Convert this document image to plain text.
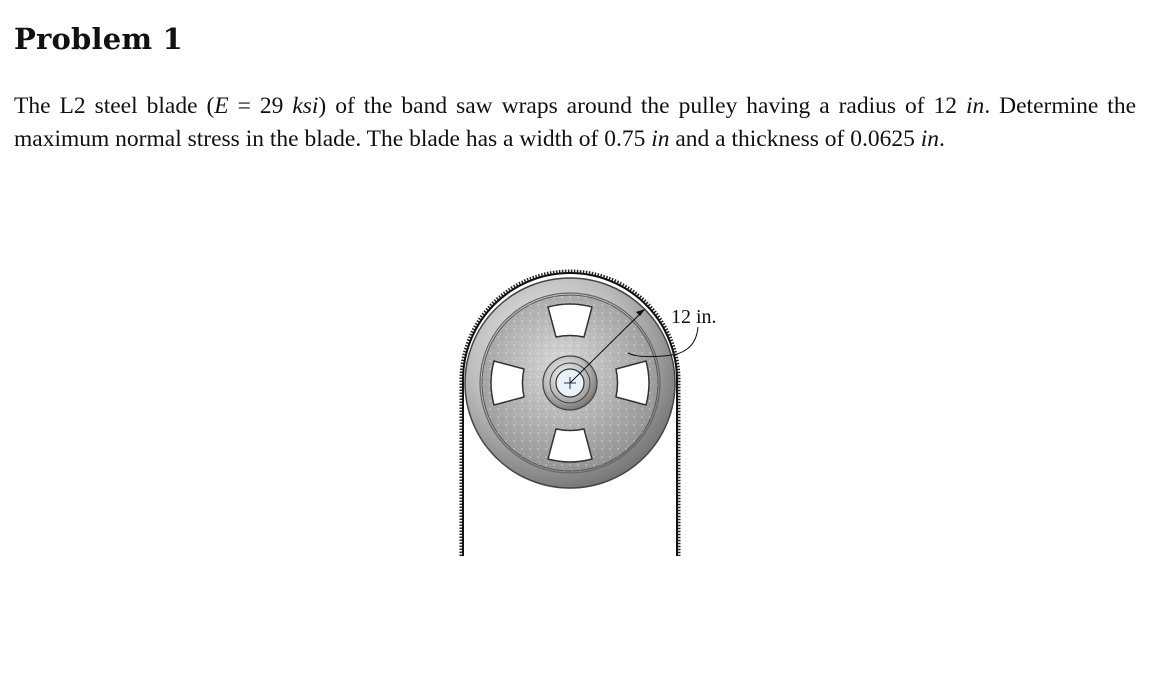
Problem 1

The L2 steel blade (E = 29 ksi) of the band saw wraps around the pulley having a radius of 12 in. Determine the maximum normal stress in the blade. The blade has a width of 0.75 in and a thickness of 0.0625 in.

12 in.
